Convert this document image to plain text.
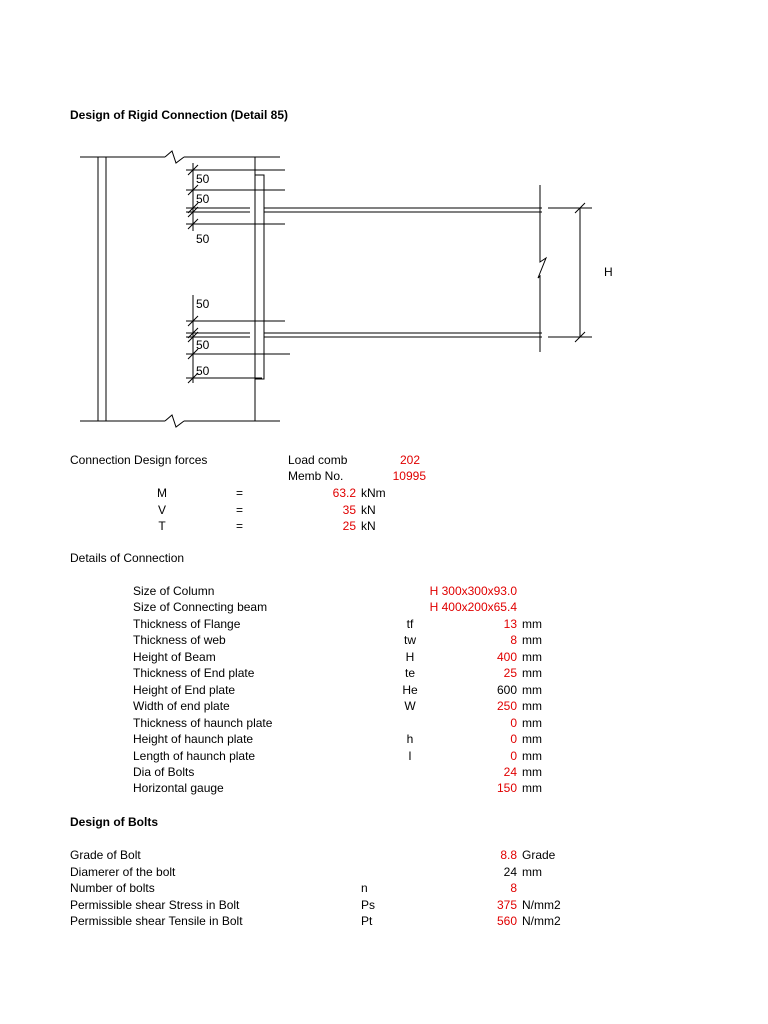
Design of Rigid Connection (Detail 85)
50
50
50
50
50
50
H
Connection Design forces	Load comb	202
Memb No.	10995
M	=	63.2 kNm
V	=	35 kN
T	=	25 kN
Details of Connection
Size of Column	H 300x300x93.0
Size of Connecting beam	H 400x200x65.4
Thickness of Flange	tf	13 mm
Thickness of web	tw	8 mm
Height of Beam	H	400 mm
Thickness of End plate	te	25 mm
Height of End plate	He	600 mm
Width of end plate	W	250 mm
Thickness of haunch plate	0 mm
Height of haunch plate	h	0 mm
Length of haunch plate	l	0 mm
Dia of Bolts	24 mm
Horizontal gauge	150 mm
Design of Bolts
Grade of Bolt	8.8 Grade
Diamerer of the bolt	24 mm
Number of bolts	n	8
Permissible shear Stress in Bolt	Ps	375 N/mm2
Permissible shear Tensile in Bolt	Pt	560 N/mm2
